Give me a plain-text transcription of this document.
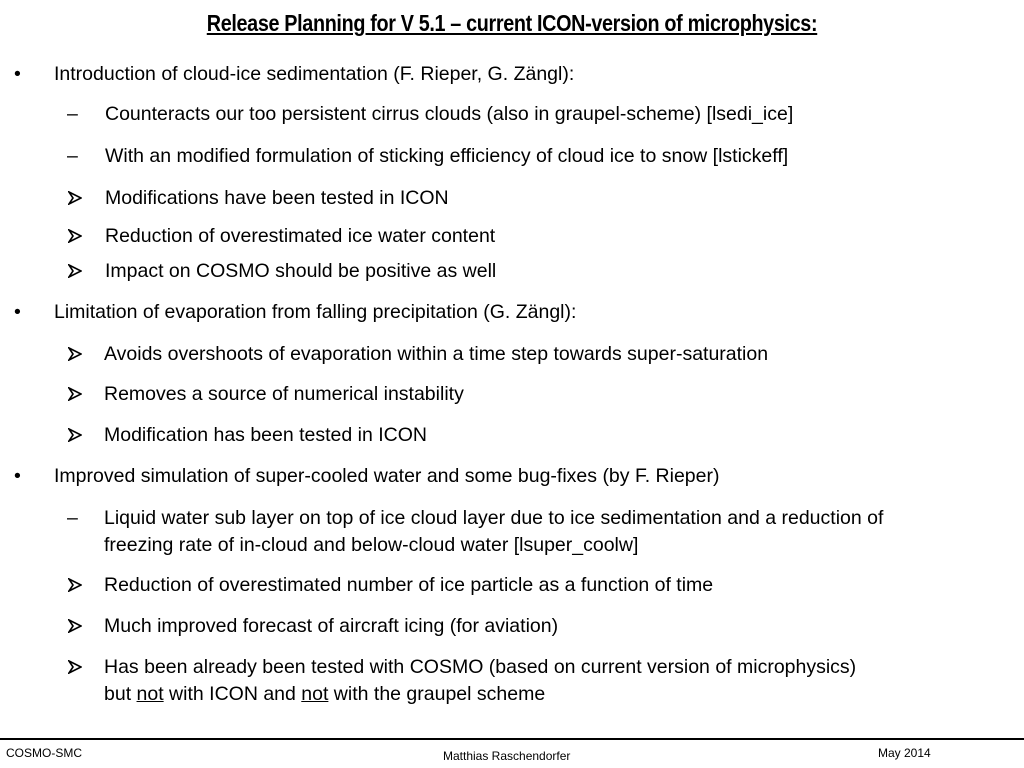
Release Planning for V 5.1 – current ICON-version of microphysics:
• Introduction of cloud-ice sedimentation (F. Rieper, G. Zängl):
– Counteracts our too persistent cirrus clouds (also in graupel-scheme) [lsedi_ice]
– With an modified formulation of sticking efficiency of cloud ice to snow [lstickeff]
Modifications have been tested in ICON
Reduction of overestimated ice water content
Impact on COSMO should be positive as well
• Limitation of evaporation from falling precipitation (G. Zängl):
Avoids overshoots of evaporation within a time step towards super-saturation
Removes a source of numerical instability
Modification has been tested in ICON
• Improved simulation of super-cooled water and some bug-fixes (by F. Rieper)
– Liquid water sub layer on top of ice cloud layer due to ice sedimentation and a reduction of
freezing rate of in-cloud and below-cloud water [lsuper_coolw]
Reduction of overestimated number of ice particle as a function of time
Much improved forecast of aircraft icing (for aviation)
Has been already been tested with COSMO (based on current version of microphysics)
but not with ICON and not with the graupel scheme
COSMO-SMC	Matthias Raschendorfer	May 2014
